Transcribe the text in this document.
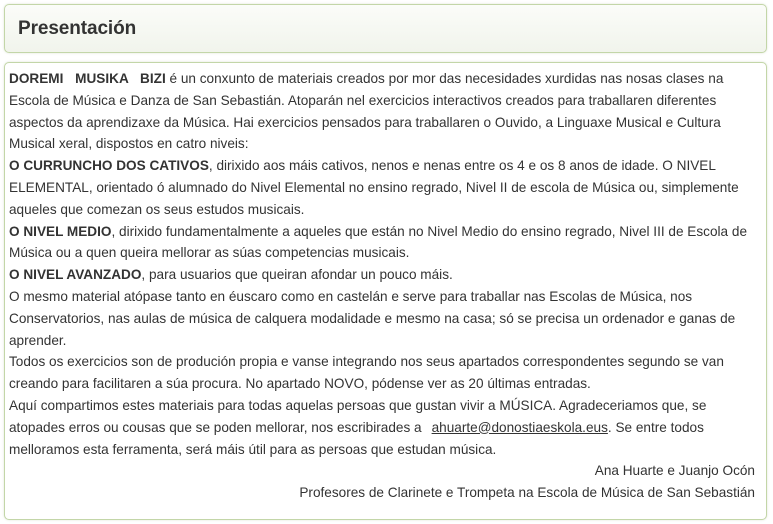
Presentación

DOREMI MUSIKA BIZI é un conxunto de materiais creados por mor das necesidades xurdidas nas nosas clases na Escola de Música e Danza de San Sebastián. Atoparán nel exercicios interactivos creados para traballaren diferentes aspectos da aprendizaxe da Música. Hai exercicios pensados para traballaren o Ouvido, a Linguaxe Musical e Cultura Musical xeral, dispostos en catro niveis:

O CURRUNCHO DOS CATIVOS, dirixido aos máis cativos, nenos e nenas entre os 4 e os 8 anos de idade. O NIVEL ELEMENTAL, orientado ó alumnado do Nivel Elemental no ensino regrado, Nivel II de escola de Música ou, simplemente aqueles que comezan os seus estudos musicais.

O NIVEL MEDIO, dirixido fundamentalmente a aqueles que están no Nivel Medio do ensino regrado, Nivel III de Escola de Música ou a quen queira mellorar as súas competencias musicais.

O NIVEL AVANZADO, para usuarios que queiran afondar un pouco máis.

O mesmo material atópase tanto en éuscaro como en castelán e serve para traballar nas Escolas de Música, nos Conservatorios, nas aulas de música de calquera modalidade e mesmo na casa; só se precisa un ordenador e ganas de aprender.

Todos os exercicios son de produción propia e vanse integrando nos seus apartados correspondentes segundo se van creando para facilitaren a súa procura. No apartado NOVO, pódense ver as 20 últimas entradas.

Aquí compartimos estes materiais para todas aquelas persoas que gustan vivir a MÚSICA. Agradeceriamos que, se atopades erros ou cousas que se poden mellorar, nos escribirades a ahuarte@donostiaeskola.eus. Se entre todos melloramos esta ferramenta, será máis útil para as persoas que estudan música.

Ana Huarte e Juanjo Ocón

Profesores de Clarinete e Trompeta na Escola de Música de San Sebastián
